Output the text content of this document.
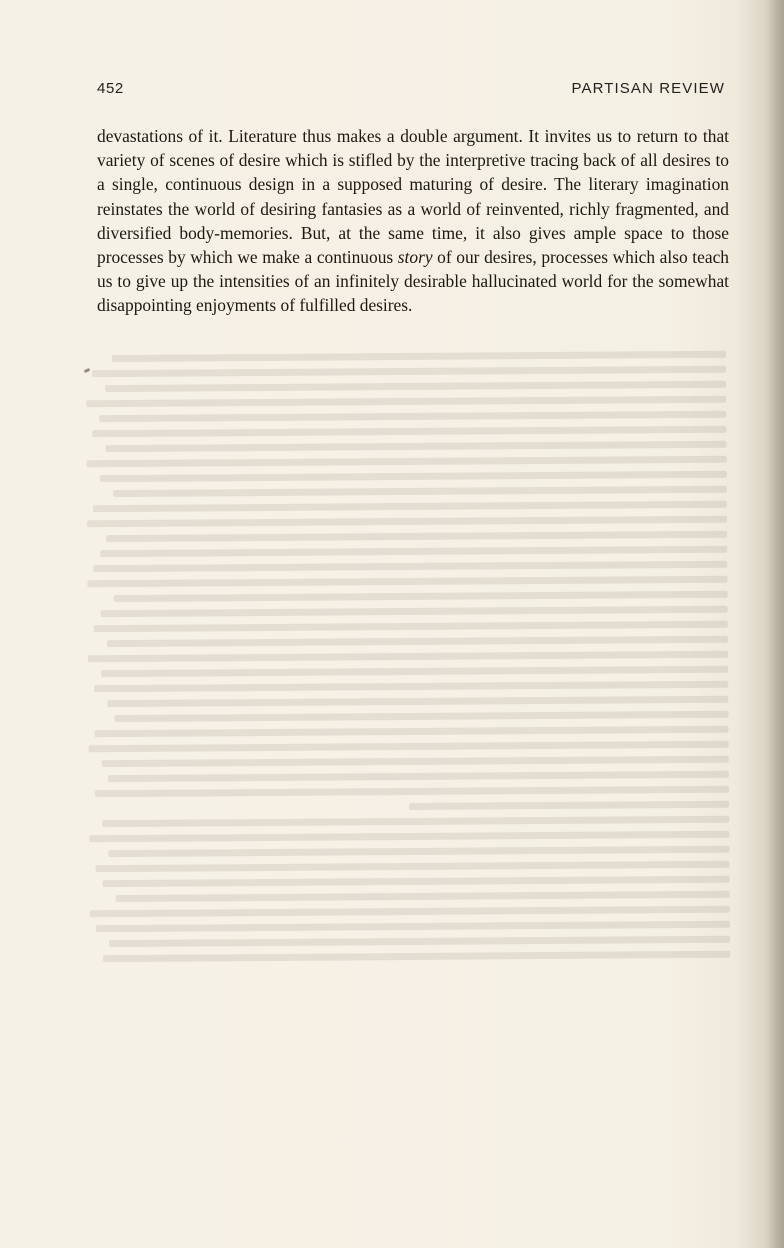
452	PARTISAN REVIEW

devastations of it. Literature thus makes a double argument. It invites us to return to that variety of scenes of desire which is stifled by the interpretive tracing back of all desires to a single, continuous design in a supposed maturing of desire. The literary imagination reinstates the world of desiring fantasies as a world of reinvented, richly fragmented, and diversified body-memories. But, at the same time, it also gives ample space to those processes by which we make a continuous story of our desires, processes which also teach us to give up the intensities of an infinitely desirable hallucinated world for the somewhat disappointing enjoyments of fulfilled desires.
